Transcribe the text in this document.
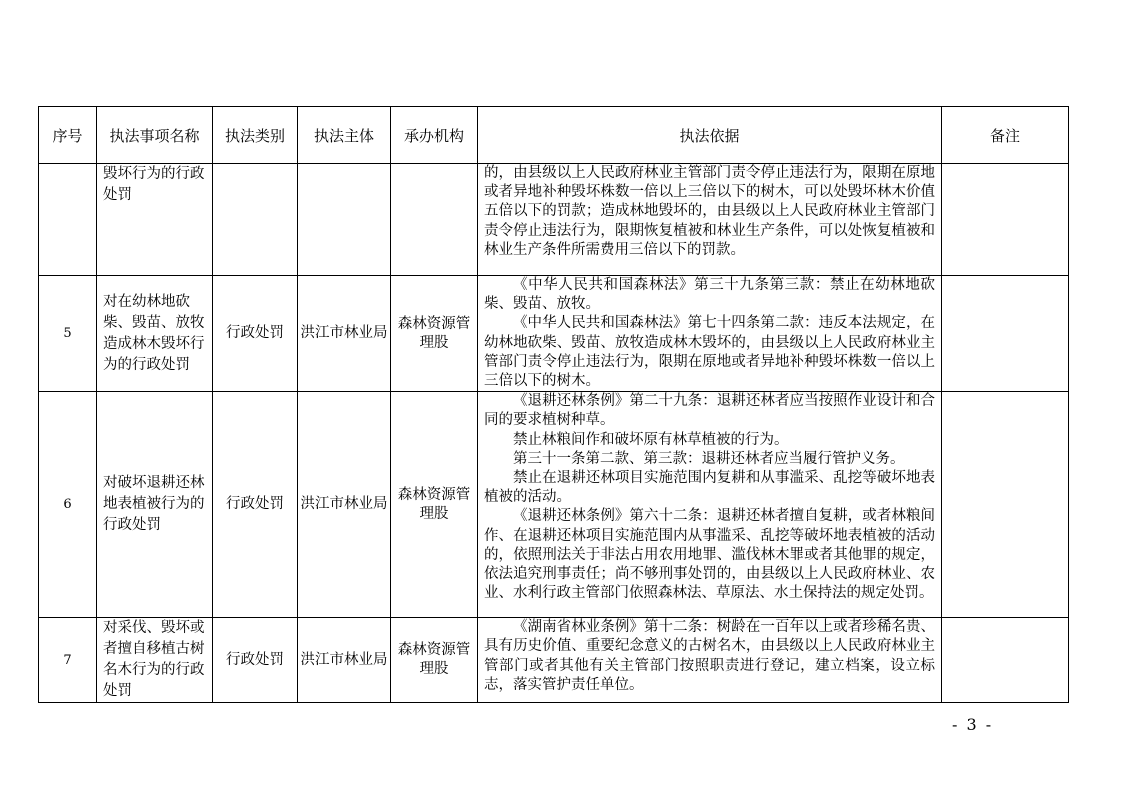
序号	执法事项名称	执法类别	执法主体	承办机构	执法依据	备注
	毁坏行为的行政处罚				的，由县级以上人民政府林业主管部门责令停止违法行为，限期在原地或者异地补种毁坏株数一倍以上三倍以下的树木，可以处毁坏林木价值五倍以下的罚款；造成林地毁坏的，由县级以上人民政府林业主管部门责令停止违法行为，限期恢复植被和林业生产条件，可以处恢复植被和林业生产条件所需费用三倍以下的罚款。	

5	对在幼林地砍柴、毁苗、放牧造成林木毁坏行为的行政处罚	行政处罚	洪江市林业局	森林资源管理股	《中华人民共和国森林法》第三十九条第三款：禁止在幼林地砍柴、毁苗、放牧。

《中华人民共和国森林法》第七十四条第二款：违反本法规定，在幼林地砍柴、毁苗、放牧造成林木毁坏的，由县级以上人民政府林业主管部门责令停止违法行为，限期在原地或者异地补种毁坏株数一倍以上三倍以下的树木。	

6	对破坏退耕还林地表植被行为的行政处罚	行政处罚	洪江市林业局	森林资源管理股	《退耕还林条例》第二十九条：退耕还林者应当按照作业设计和合同的要求植树种草。

禁止林粮间作和破坏原有林草植被的行为。

第三十一条第二款、第三款：退耕还林者应当履行管护义务。

禁止在退耕还林项目实施范围内复耕和从事滥采、乱挖等破坏地表植被的活动。

《退耕还林条例》第六十二条：退耕还林者擅自复耕，或者林粮间作、在退耕还林项目实施范围内从事滥采、乱挖等破坏地表植被的活动的，依照刑法关于非法占用农用地罪、滥伐林木罪或者其他罪的规定，依法追究刑事责任；尚不够刑事处罚的，由县级以上人民政府林业、农业、水利行政主管部门依照森林法、草原法、水土保持法的规定处罚。	

7	对采伐、毁坏或者擅自移植古树名木行为的行政处罚	行政处罚	洪江市林业局	森林资源管理股	《湖南省林业条例》第十二条：树龄在一百年以上或者珍稀名贵、具有历史价值、重要纪念意义的古树名木，由县级以上人民政府林业主管部门或者其他有关主管部门按照职责进行登记，建立档案，设立标志，落实管护责任单位。	

- 3 -
